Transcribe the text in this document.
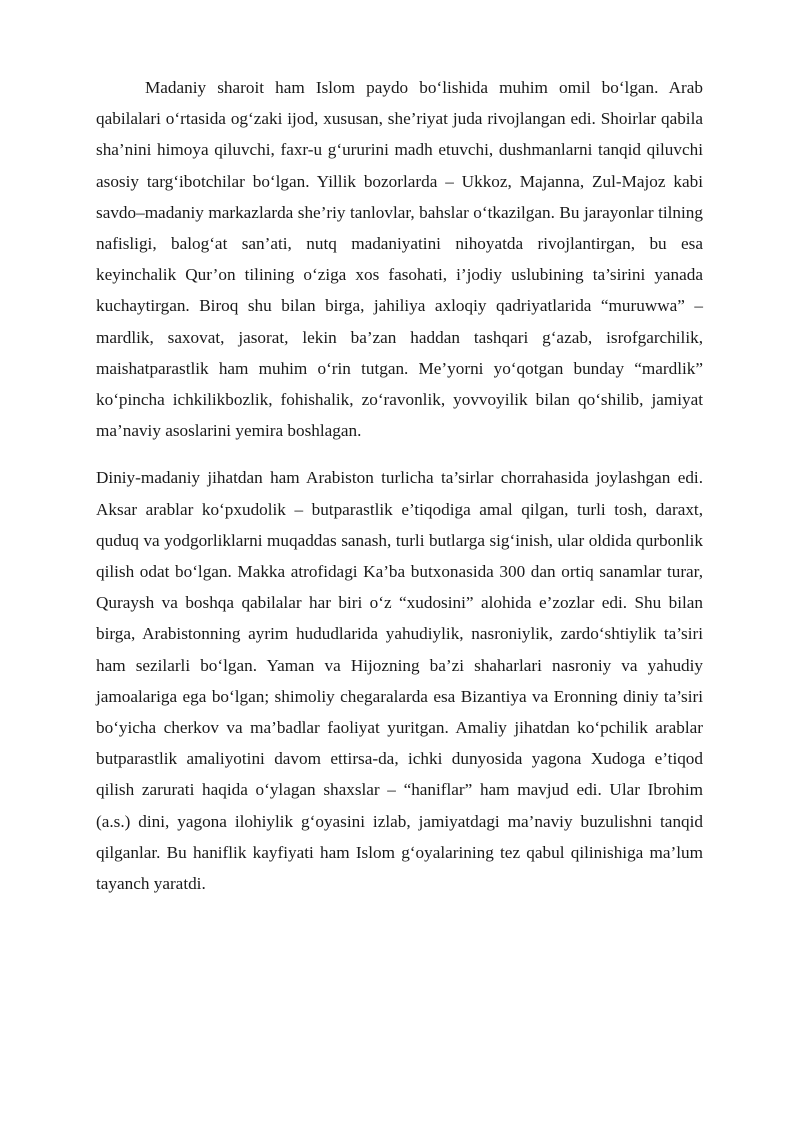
Madaniy sharoit ham Islom paydo bo‘lishida muhim omil bo‘lgan. Arab qabilalari o‘rtasida og‘zaki ijod, xususan, she’riyat juda rivojlangan edi. Shoirlar qabila sha’nini himoya qiluvchi, faxr-u g‘ururini madh etuvchi, dushmanlarni tanqid qiluvchi asosiy targ‘ibotchilar bo‘lgan. Yillik bozorlarda – Ukkoz, Majanna, Zul-Majoz kabi savdo–madaniy markazlarda she’riy tanlovlar, bahslar o‘tkazilgan. Bu jarayonlar tilning nafisligi, balog‘at san’ati, nutq madaniyatini nihoyatda rivojlantirgan, bu esa keyinchalik Qur’on tilining o‘ziga xos fasohati, i’jodiy uslubining ta’sirini yanada kuchaytirgan. Biroq shu bilan birga, jahiliya axloqiy qadriyatlarida “muruwwa” – mardlik, saxovat, jasorat, lekin ba’zan haddan tashqari g‘azab, isrofgarchilik, maishatparastlik ham muhim o‘rin tutgan. Me’yorni yo‘qotgan bunday “mardlik” ko‘pincha ichkilikbozlik, fohishalik, zo‘ravonlik, yovvoyilik bilan qo‘shilib, jamiyat ma’naviy asoslarini yemira boshlagan.

Diniy-madaniy jihatdan ham Arabiston turlicha ta’sirlar chorrahasida joylashgan edi. Aksar arablar ko‘pxudolik – butparastlik e’tiqodiga amal qilgan, turli tosh, daraxt, quduq va yodgorliklarni muqaddas sanash, turli butlarga sig‘inish, ular oldida qurbonlik qilish odat bo‘lgan. Makka atrofidagi Ka’ba butxonasida 300 dan ortiq sanamlar turar, Quraysh va boshqa qabilalar har biri o‘z “xudosini” alohida e’zozlar edi. Shu bilan birga, Arabistonning ayrim hududlarida yahudiylik, nasroniylik, zardo‘shtiylik ta’siri ham sezilarli bo‘lgan. Yaman va Hijozning ba’zi shaharlari nasroniy va yahudiy jamoalariga ega bo‘lgan; shimoliy chegaralarda esa Bizantiya va Eronning diniy ta’siri bo‘yicha cherkov va ma’badlar faoliyat yuritgan. Amaliy jihatdan ko‘pchilik arablar butparastlik amaliyotini davom ettirsa-da, ichki dunyosida yagona Xudoga e’tiqod qilish zarurati haqida o‘ylagan shaxslar – “haniflar” ham mavjud edi. Ular Ibrohim (a.s.) dini, yagona ilohiylik g‘oyasini izlab, jamiyatdagi ma’naviy buzulishni tanqid qilganlar. Bu haniflik kayfiyati ham Islom g‘oyalarining tez qabul qilinishiga ma’lum tayanch yaratdi.
